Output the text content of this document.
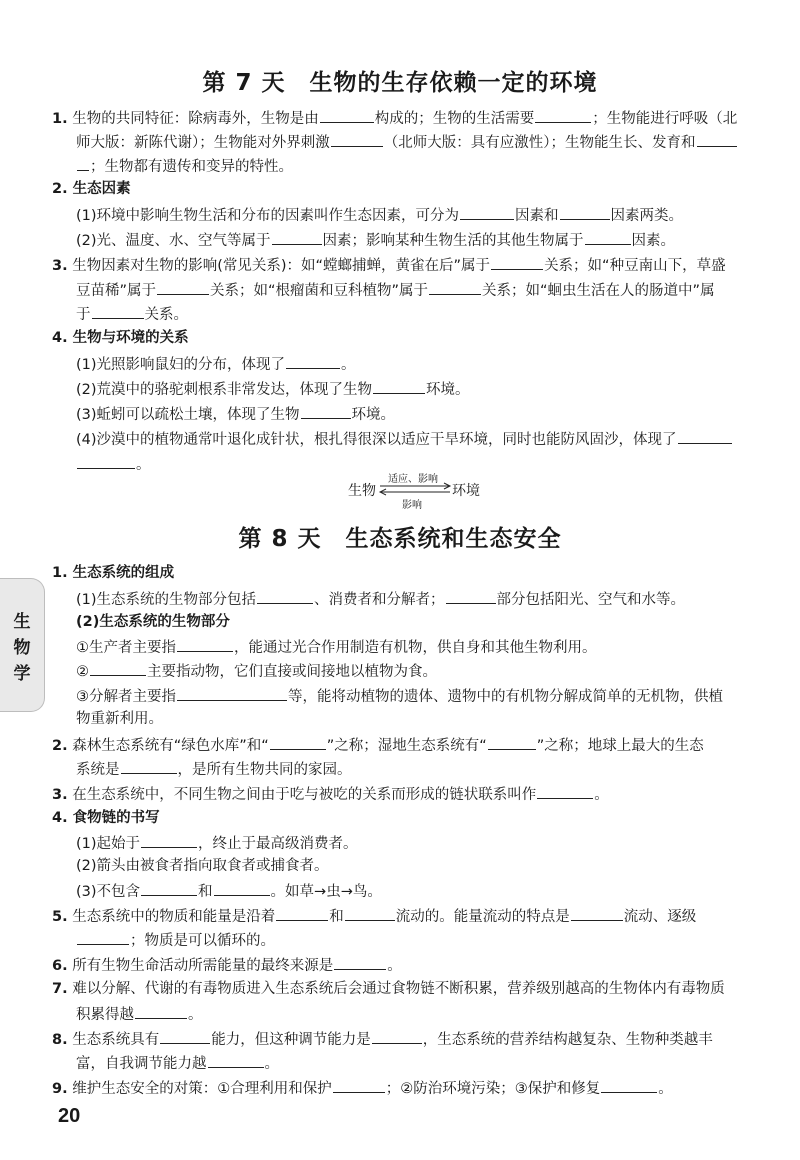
第 7 天　生物的生存依赖一定的环境
1. 生物的共同特征：除病毒外，生物是由	构成的；生物的生活需要	；生物能进行呼吸（北
师大版：新陈代谢）；生物能对外界刺激	（北师大版：具有应激性）；生物能生长、发育和
；生物都有遗传和变异的特性。
2. 生态因素
(1)环境中影响生物生活和分布的因素叫作生态因素，可分为	因素和	因素两类。
(2)光、温度、水、空气等属于	因素；影响某种生物生活的其他生物属于	因素。
3. 生物因素对生物的影响(常见关系)：如“螳螂捕蝉，黄雀在后”属于	关系；如“种豆南山下，草盛
豆苗稀”属于	关系；如“根瘤菌和豆科植物”属于	关系；如“蛔虫生活在人的肠道中”属
于	关系。
4. 生物与环境的关系
(1)光照影响鼠妇的分布，体现了	。
(2)荒漠中的骆驼刺根系非常发达，体现了生物	环境。
(3)蚯蚓可以疏松土壤，体现了生物	环境。
(4)沙漠中的植物通常叶退化成针状，根扎得很深以适应干旱环境，同时也能防风固沙，体现了
。
生物
适应、影响
影响
环境
第 8 天　生态系统和生态安全
1. 生态系统的组成
(1)生态系统的生物部分包括	、消费者和分解者；	部分包括阳光、空气和水等。
(2)生态系统的生物部分
①生产者主要指	，能通过光合作用制造有机物，供自身和其他生物利用。
②	主要指动物，它们直接或间接地以植物为食。
③分解者主要指	等，能将动植物的遗体、遗物中的有机物分解成简单的无机物，供植
物重新利用。
2. 森林生态系统有“绿色水库”和“	”之称；湿地生态系统有“	”之称；地球上最大的生态
系统是	，是所有生物共同的家园。
3. 在生态系统中，不同生物之间由于吃与被吃的关系而形成的链状联系叫作	。
4. 食物链的书写
(1)起始于	，终止于最高级消费者。
(2)箭头由被食者指向取食者或捕食者。
(3)不包含	和	。如草→虫→鸟。
5. 生态系统中的物质和能量是沿着	和	流动的。能量流动的特点是	流动、逐级
；物质是可以循环的。
6. 所有生物生命活动所需能量的最终来源是	。
7. 难以分解、代谢的有毒物质进入生态系统后会通过食物链不断积累，营养级别越高的生物体内有毒物质
积累得越	。
8. 生态系统具有	能力，但这种调节能力是	，生态系统的营养结构越复杂、生物种类越丰
富，自我调节能力越	。
9. 维护生态安全的对策：①合理利用和保护	；②防治环境污染；③保护和修复	。
生
物
学
20
